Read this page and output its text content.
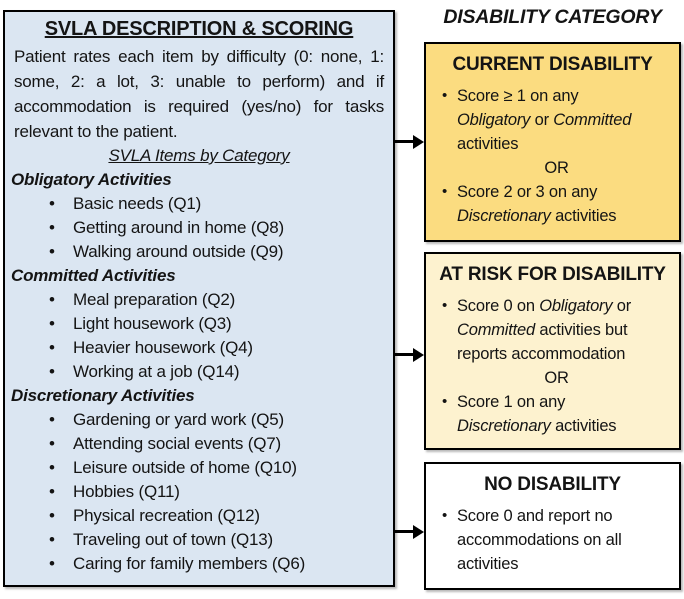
SVLA DESCRIPTION & SCORING

Patient rates each item by difficulty (0: none, 1: some, 2: a lot, 3: unable to perform) and if accommodation is required (yes/no) for tasks relevant to the patient.

SVLA Items by Category
Obligatory Activities
• Basic needs (Q1)
• Getting around in home (Q8)
• Walking around outside (Q9)
Committed Activities
• Meal preparation (Q2)
• Light housework (Q3)
• Heavier housework (Q4)
• Working at a job (Q14)
Discretionary Activities
• Gardening or yard work (Q5)
• Attending social events (Q7)
• Leisure outside of home (Q10)
• Hobbies (Q11)
• Physical recreation (Q12)
• Traveling out of town (Q13)
• Caring for family members (Q6)
DISABILITY CATEGORY
CURRENT DISABILITY
• Score ≥ 1 on any
Obligatory or Committed
activities
OR
• Score 2 or 3 on any
Discretionary activities
AT RISK FOR DISABILITY
• Score 0 on Obligatory or
Committed activities but
reports accommodation
OR
• Score 1 on any
Discretionary activities
NO DISABILITY
• Score 0 and report no
accommodations on all
activities
